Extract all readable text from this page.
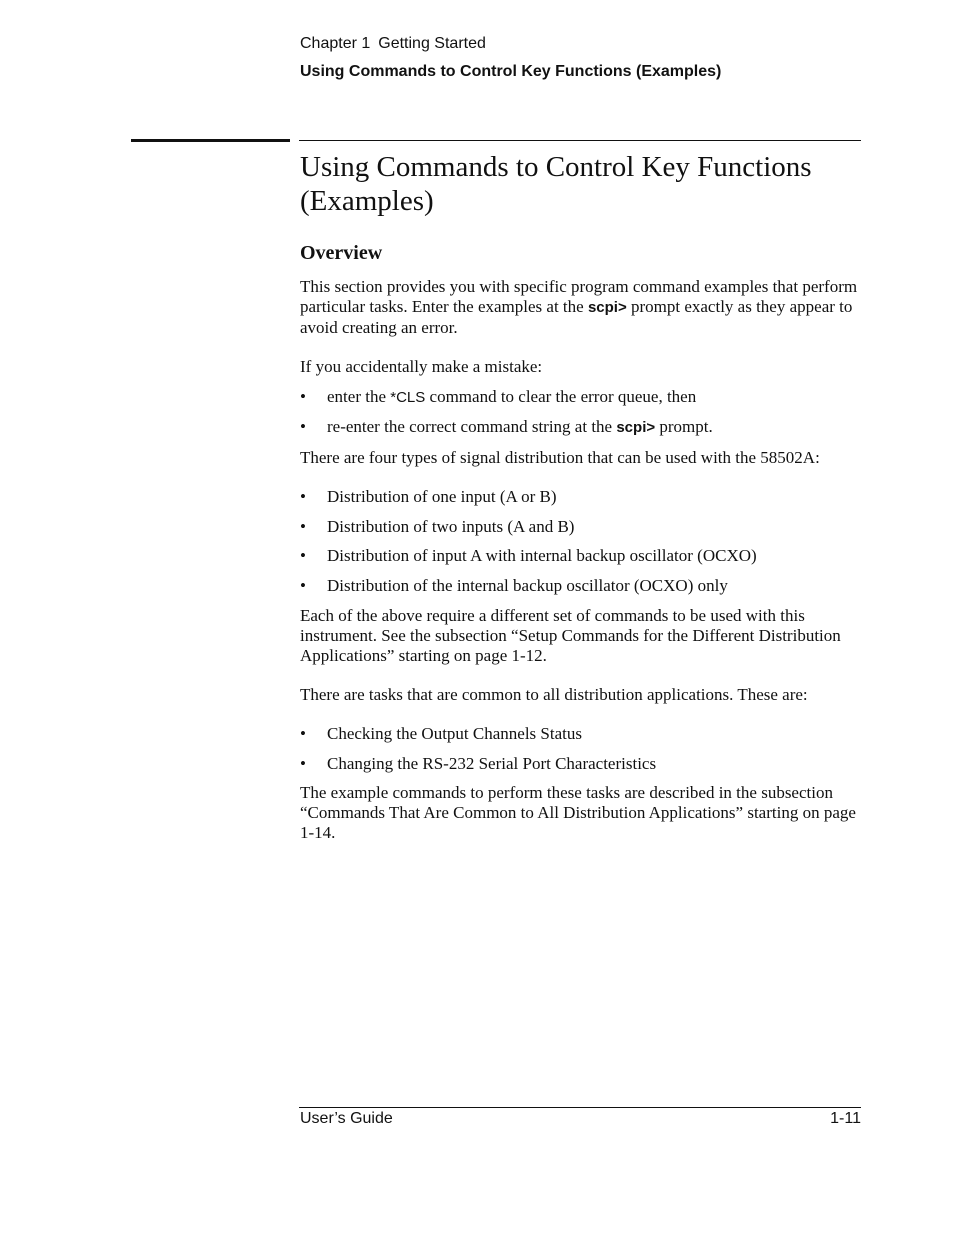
Chapter 1 Getting Started
Using Commands to Control Key Functions (Examples)
Using Commands to Control Key Functions
(Examples)
Overview

This section provides you with specific program command examples that perform particular tasks. Enter the examples at the scpi> prompt exactly as they appear to avoid creating an error.

If you accidentally make a mistake:

• enter the *CLS command to clear the error queue, then
• re-enter the correct command string at the scpi> prompt.

There are four types of signal distribution that can be used with the 58502A:

• Distribution of one input (A or B)
• Distribution of two inputs (A and B)
• Distribution of input A with internal backup oscillator (OCXO)
• Distribution of the internal backup oscillator (OCXO) only

Each of the above require a different set of commands to be used with this instrument. See the subsection “Setup Commands for the Different Distribution Applications” starting on page 1-12.

There are tasks that are common to all distribution applications. These are:

• Checking the Output Channels Status
• Changing the RS-232 Serial Port Characteristics

The example commands to perform these tasks are described in the subsection “Commands That Are Common to All Distribution Applications” starting on page 1-14.

User’s Guide	1-11
